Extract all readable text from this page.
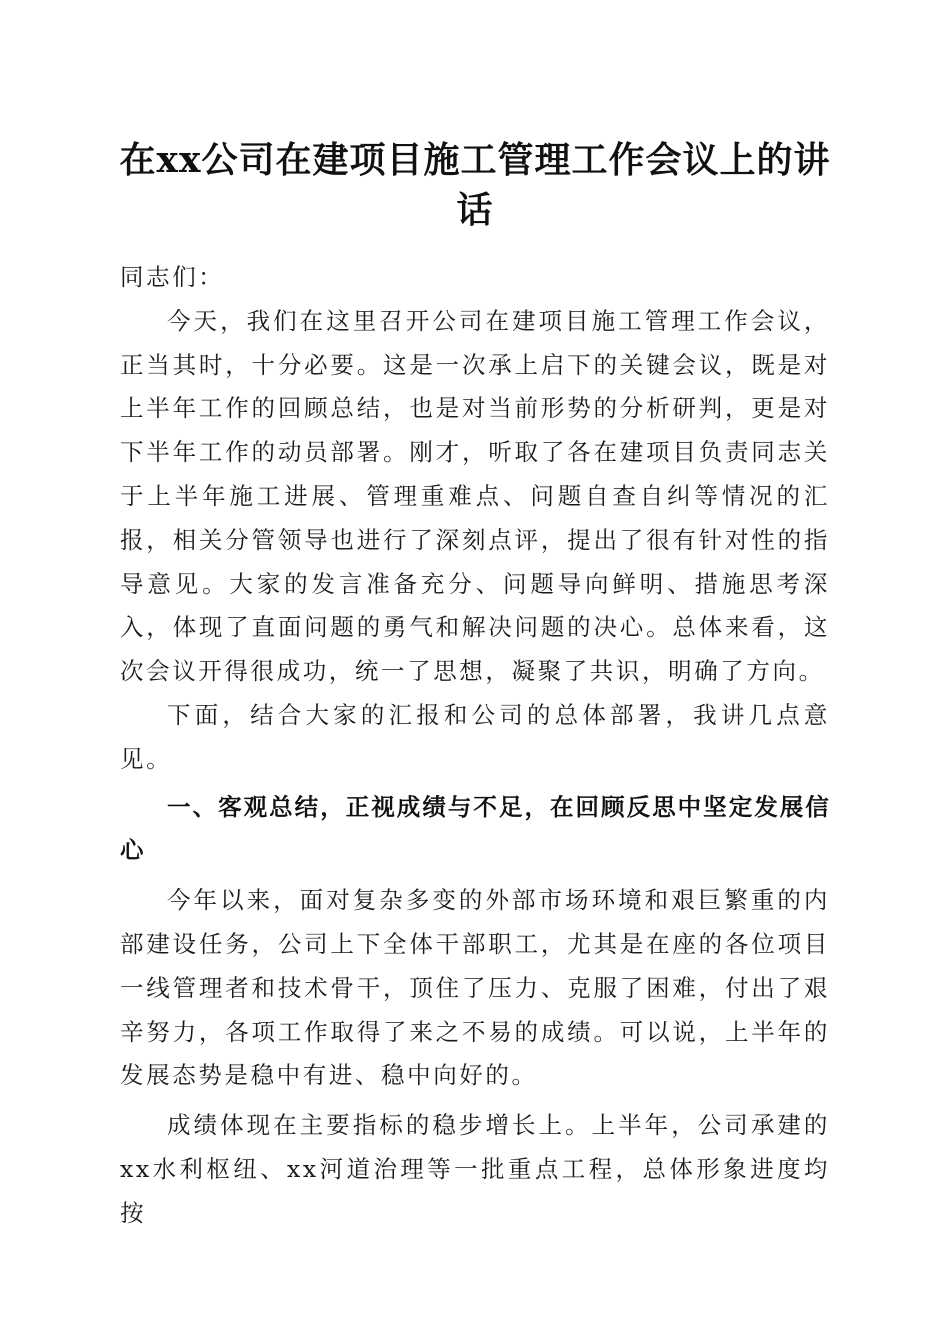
在xx公司在建项目施工管理工作会议上的讲话

同志们：

今天，我们在这里召开公司在建项目施工管理工作会议，正当其时，十分必要。这是一次承上启下的关键会议，既是对上半年工作的回顾总结，也是对当前形势的分析研判，更是对下半年工作的动员部署。刚才，听取了各在建项目负责同志关于上半年施工进展、管理重难点、问题自查自纠等情况的汇报，相关分管领导也进行了深刻点评，提出了很有针对性的指导意见。大家的发言准备充分、问题导向鲜明、措施思考深入，体现了直面问题的勇气和解决问题的决心。总体来看，这次会议开得很成功，统一了思想，凝聚了共识，明确了方向。

下面，结合大家的汇报和公司的总体部署，我讲几点意见。

一、客观总结，正视成绩与不足，在回顾反思中坚定发展信心

今年以来，面对复杂多变的外部市场环境和艰巨繁重的内部建设任务，公司上下全体干部职工，尤其是在座的各位项目一线管理者和技术骨干，顶住了压力、克服了困难，付出了艰辛努力，各项工作取得了来之不易的成绩。可以说，上半年的发展态势是稳中有进、稳中向好的。

成绩体现在主要指标的稳步增长上。上半年，公司承建的xx水利枢纽、xx河道治理等一批重点工程，总体形象进度均按
